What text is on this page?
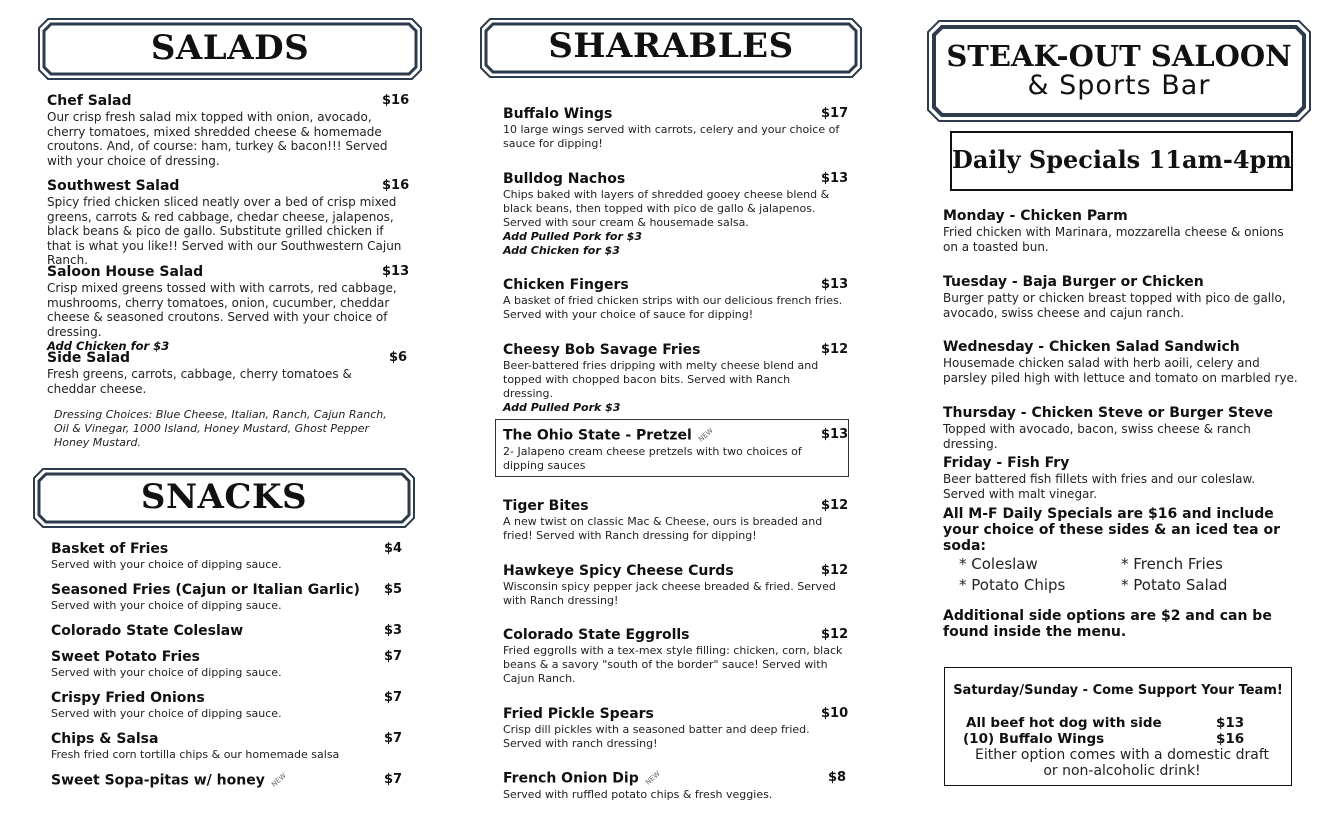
SALADS
Chef Salad	$16
Our crisp fresh salad mix topped with onion, avocado, cherry tomatoes, mixed shredded cheese & homemade croutons. And, of course: ham, turkey & bacon!!! Served with your choice of dressing.
Southwest Salad	$16
Spicy fried chicken sliced neatly over a bed of crisp mixed greens, carrots & red cabbage, chedar cheese, jalapenos, black beans & pico de gallo. Substitute grilled chicken if that is what you like!! Served with our Southwestern Cajun Ranch.
Saloon House Salad	$13
Crisp mixed greens tossed with with carrots, red cabbage, mushrooms, cherry tomatoes, onion, cucumber, cheddar cheese & seasoned croutons. Served with your choice of dressing.
Add Chicken for $3
Side Salad	$6
Fresh greens, carrots, cabbage, cherry tomatoes & cheddar cheese.
Dressing Choices: Blue Cheese, Italian, Ranch, Cajun Ranch, Oil & Vinegar, 1000 Island, Honey Mustard, Ghost Pepper Honey Mustard.
SNACKS
Basket of Fries	$4
Served with your choice of dipping sauce.
Seasoned Fries (Cajun or Italian Garlic)	$5
Served with your choice of dipping sauce.
Colorado State Coleslaw	$3
Sweet Potato Fries	$7
Served with your choice of dipping sauce.
Crispy Fried Onions	$7
Served with your choice of dipping sauce.
Chips & Salsa	$7
Fresh fried corn tortilla chips & our homemade salsa
Sweet Sopa-pitas w/ honey NEW	$7
SHARABLES
Buffalo Wings	$17
10 large wings served with carrots, celery and your choice of sauce for dipping!
Bulldog Nachos	$13
Chips baked with layers of shredded gooey cheese blend & black beans, then topped with pico de gallo & jalapenos. Served with sour cream & housemade salsa.
Add Pulled Pork for $3
Add Chicken for $3
Chicken Fingers	$13
A basket of fried chicken strips with our delicious french fries. Served with your choice of sauce for dipping!
Cheesy Bob Savage Fries	$12
Beer-battered fries dripping with melty cheese blend and topped with chopped bacon bits. Served with Ranch dressing.
Add Pulled Pork $3
The Ohio State - Pretzel NEW	$13
2- Jalapeno cream cheese pretzels with two choices of dipping sauces
Tiger Bites	$12
A new twist on classic Mac & Cheese, ours is breaded and fried! Served with Ranch dressing for dipping!
Hawkeye Spicy Cheese Curds	$12
Wisconsin spicy pepper jack cheese breaded & fried. Served with Ranch dressing!
Colorado State Eggrolls	$12
Fried eggrolls with a tex-mex style filling: chicken, corn, black beans & a savory "south of the border" sauce! Served with Cajun Ranch.
Fried Pickle Spears	$10
Crisp dill pickles with a seasoned batter and deep fried. Served with ranch dressing!
French Onion Dip NEW	$8
Served with ruffled potato chips & fresh veggies.
STEAK-OUT SALOON
& Sports Bar
Daily Specials 11am-4pm
Monday - Chicken Parm
Fried chicken with Marinara, mozzarella cheese & onions on a toasted bun.
Tuesday - Baja Burger or Chicken
Burger patty or chicken breast topped with pico de gallo, avocado, swiss cheese and cajun ranch.
Wednesday - Chicken Salad Sandwich
Housemade chicken salad with herb aoili, celery and parsley piled high with lettuce and tomato on marbled rye.
Thursday - Chicken Steve or Burger Steve
Topped with avocado, bacon, swiss cheese & ranch dressing.
Friday - Fish Fry
Beer battered fish fillets with fries and our coleslaw. Served with malt vinegar.
All M-F Daily Specials are $16 and include your choice of these sides & an iced tea or soda:
* Coleslaw	* French Fries
* Potato Chips	* Potato Salad
Additional side options are $2 and can be found inside the menu.
Saturday/Sunday - Come Support Your Team!
All beef hot dog with side	$13
(10) Buffalo Wings	$16
Either option comes with a domestic draft or non-alcoholic drink!
